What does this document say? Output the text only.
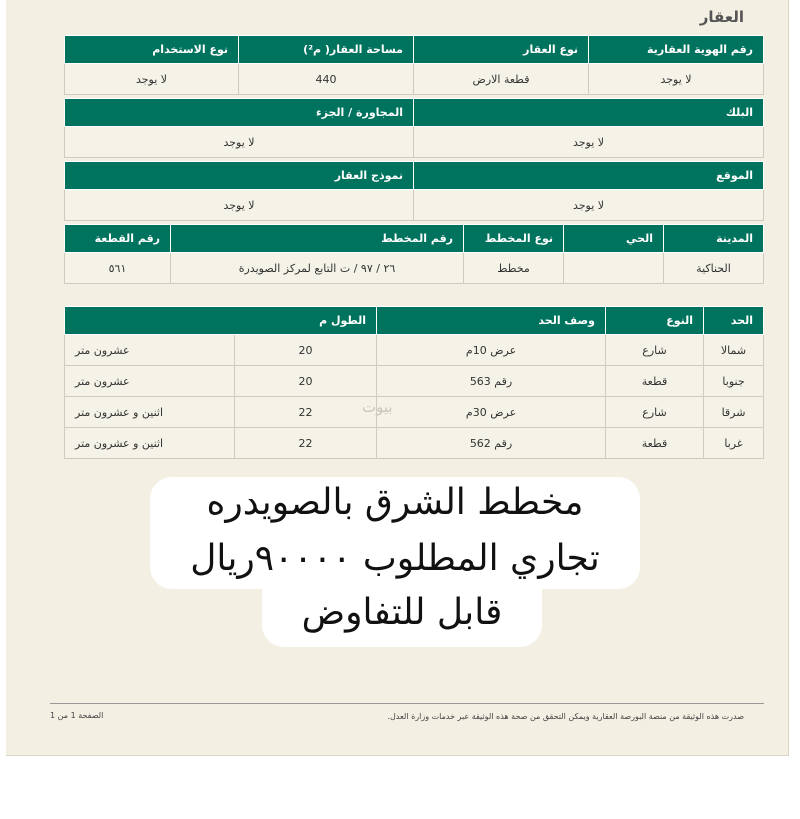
العقار
رقم الهوية العقارية	نوع العقار	مساحة العقار( م²)	نوع الاستخدام
لا يوجد	قطعة الارض	440	لا يوجد
البلك	المجاورة / الجزء
لا يوجد	لا يوجد
الموقع	نموذج العقار
لا يوجد	لا يوجد
المدينة	الحي	نوع المخطط	رقم المخطط	رقم القطعة
الحناكية		مخطط	٢٦ / ٩٧ / ت التابع لمركز الصويدرة	٥٦١
الحد	النوع	وصف الحد	الطول م	
شمالا	شارع	عرض 10م	20	عشرون متر
جنوبا	قطعة	رقم 563	20	عشرون متر
شرقا	شارع	عرض 30م	22	اثنين و عشرون متر
غربا	قطعة	رقم 562	22	اثنين و عشرون متر
بيوت
صدرت هذه الوثيقة من منصة البورصة العقارية ويمكن التحقق من صحة هذه الوثيقة عبر خدمات وزارة العدل.
الصفحة 1 من 1
مخطط الشرق بالصويدره
تجاري المطلوب ٩٠٠٠٠ريال
قابل للتفاوض
